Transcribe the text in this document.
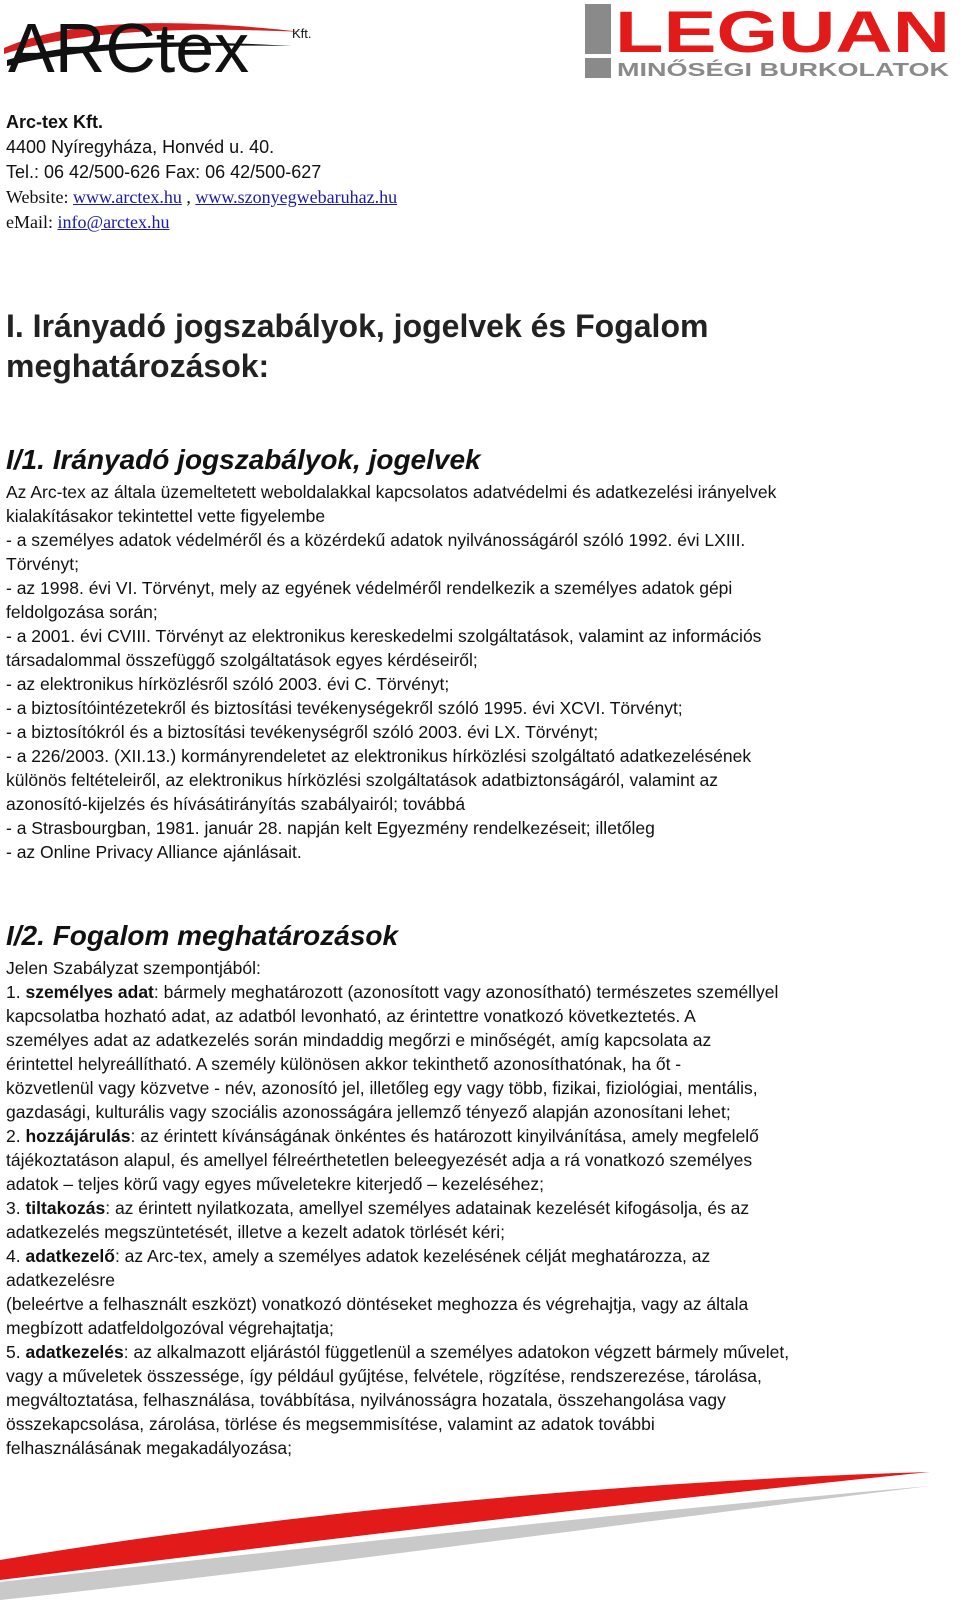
ARCtex	Kft.	LEGUAN
MINŐSÉGI BURKOLATOK
Arc-tex Kft.
4400 Nyíregyháza, Honvéd u. 40.
Tel.: 06 42/500-626 Fax: 06 42/500-627
Website: www.arctex.hu , www.szonyegwebaruhaz.hu
eMail: info@arctex.hu
I. Irányadó jogszabályok, jogelvek és Fogalom
meghatározások:
I/1. Irányadó jogszabályok, jogelvek
Az Arc-tex az általa üzemeltetett weboldalakkal kapcsolatos adatvédelmi és adatkezelési irányelvek
kialakításakor tekintettel vette figyelembe
- a személyes adatok védelméről és a közérdekű adatok nyilvánosságáról szóló 1992. évi LXIII.
Törvényt;
- az 1998. évi VI. Törvényt, mely az egyének védelméről rendelkezik a személyes adatok gépi
feldolgozása során;
- a 2001. évi CVIII. Törvényt az elektronikus kereskedelmi szolgáltatások, valamint az információs
társadalommal összefüggő szolgáltatások egyes kérdéseiről;
- az elektronikus hírközlésről szóló 2003. évi C. Törvényt;
- a biztosítóintézetekről és biztosítási tevékenységekről szóló 1995. évi XCVI. Törvényt;
- a biztosítókról és a biztosítási tevékenységről szóló 2003. évi LX. Törvényt;
- a 226/2003. (XII.13.) kormányrendeletet az elektronikus hírközlési szolgáltató adatkezelésének
különös feltételeiről, az elektronikus hírközlési szolgáltatások adatbiztonságáról, valamint az
azonosító-kijelzés és hívásátirányítás szabályairól; továbbá
- a Strasbourgban, 1981. január 28. napján kelt Egyezmény rendelkezéseit; illetőleg
- az Online Privacy Alliance ajánlásait.
I/2. Fogalom meghatározások
Jelen Szabályzat szempontjából:
1. személyes adat: bármely meghatározott (azonosított vagy azonosítható) természetes személlyel
kapcsolatba hozható adat, az adatból levonható, az érintettre vonatkozó következtetés. A
személyes adat az adatkezelés során mindaddig megőrzi e minőségét, amíg kapcsolata az
érintettel helyreállítható. A személy különösen akkor tekinthető azonosíthatónak, ha őt -
közvetlenül vagy közvetve - név, azonosító jel, illetőleg egy vagy több, fizikai, fiziológiai, mentális,
gazdasági, kulturális vagy szociális azonosságára jellemző tényező alapján azonosítani lehet;
2. hozzájárulás: az érintett kívánságának önkéntes és határozott kinyilvánítása, amely megfelelő
tájékoztatáson alapul, és amellyel félreérthetetlen beleegyezését adja a rá vonatkozó személyes
adatok – teljes körű vagy egyes műveletekre kiterjedő – kezeléséhez;
3. tiltakozás: az érintett nyilatkozata, amellyel személyes adatainak kezelését kifogásolja, és az
adatkezelés megszüntetését, illetve a kezelt adatok törlését kéri;
4. adatkezelő: az Arc-tex, amely a személyes adatok kezelésének célját meghatározza, az
adatkezelésre
(beleértve a felhasznált eszközt) vonatkozó döntéseket meghozza és végrehajtja, vagy az általa
megbízott adatfeldolgozóval végrehajtatja;
5. adatkezelés: az alkalmazott eljárástól függetlenül a személyes adatokon végzett bármely művelet,
vagy a műveletek összessége, így például gyűjtése, felvétele, rögzítése, rendszerezése, tárolása,
megváltoztatása, felhasználása, továbbítása, nyilvánosságra hozatala, összehangolása vagy
összekapcsolása, zárolása, törlése és megsemmisítése, valamint az adatok további
felhasználásának megakadályozása;
